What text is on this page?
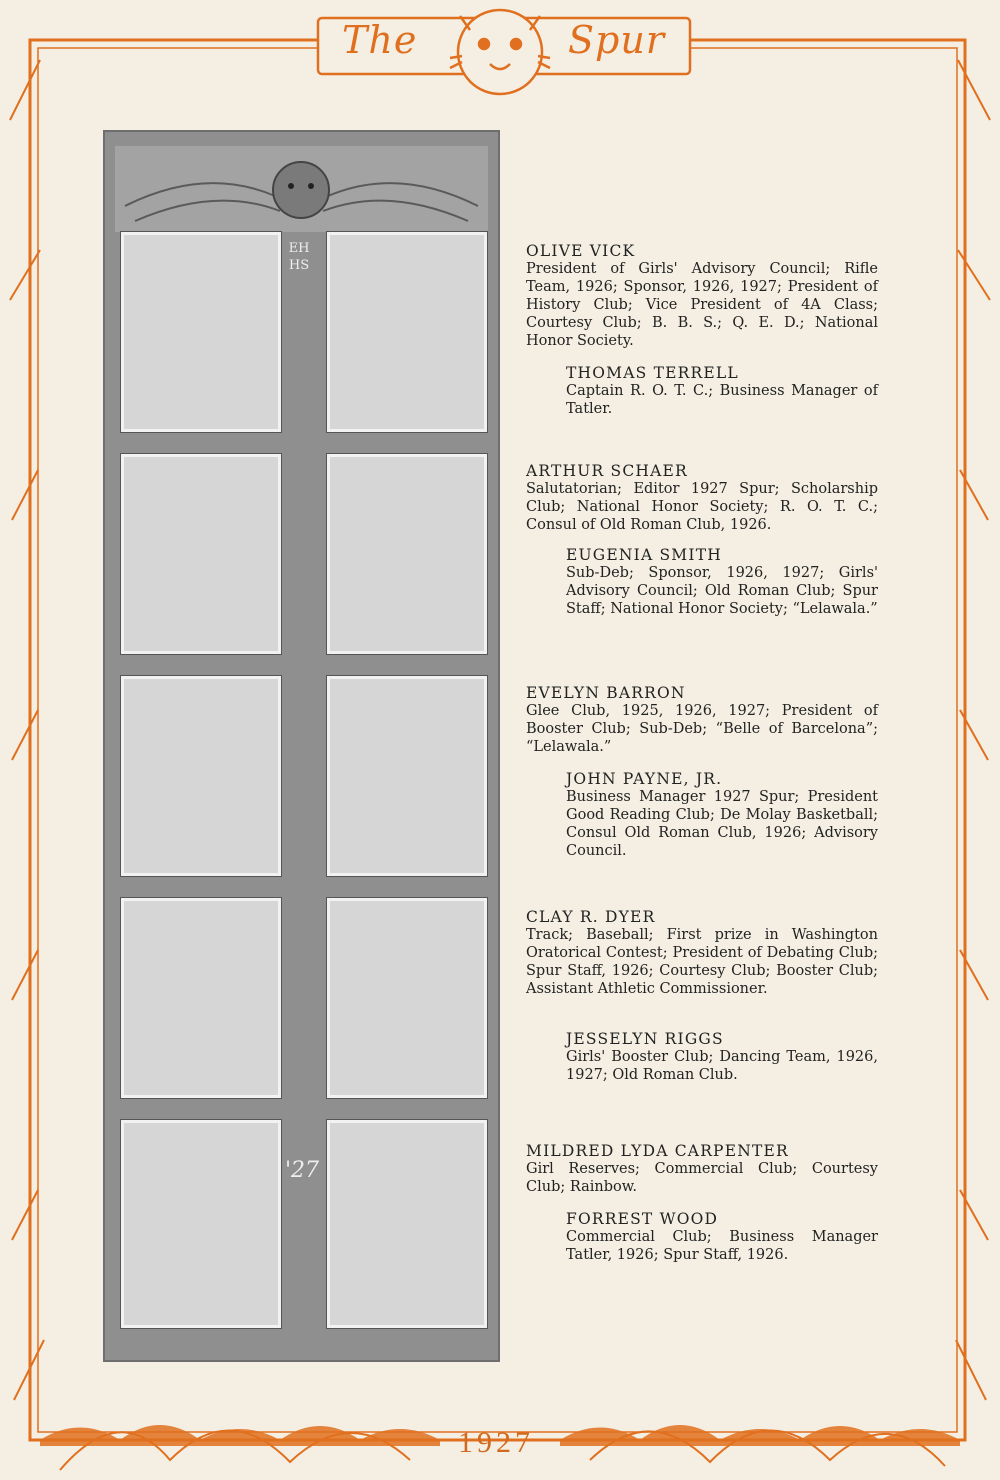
The	Spur
EHHS
'27
OLIVE VICK
President of Girls' Advisory Council; Rifle Team, 1926; Sponsor, 1926, 1927; President of History Club; Vice President of 4A Class; Courtesy Club; B. B. S.; Q. E. D.; National Honor Society.
THOMAS TERRELL
Captain R. O. T. C.; Business Manager of Tatler.
ARTHUR SCHAER
Salutatorian; Editor 1927 Spur; Scholarship Club; National Honor Society; R. O. T. C.; Consul of Old Roman Club, 1926.
EUGENIA SMITH
Sub-Deb; Sponsor, 1926, 1927; Girls' Advisory Council; Old Roman Club; Spur Staff; National Honor Society; “Lelawala.”
EVELYN BARRON
Glee Club, 1925, 1926, 1927; President of Booster Club; Sub-Deb; “Belle of Barcelona”; “Lelawala.”
JOHN PAYNE, JR.
Business Manager 1927 Spur; President Good Reading Club; De Molay Basketball; Consul Old Roman Club, 1926; Advisory Council.
CLAY R. DYER
Track; Baseball; First prize in Washington Oratorical Contest; President of Debating Club; Spur Staff, 1926; Courtesy Club; Booster Club; Assistant Athletic Commissioner.
JESSELYN RIGGS
Girls' Booster Club; Dancing Team, 1926, 1927; Old Roman Club.
MILDRED LYDA CARPENTER
Girl Reserves; Commercial Club; Courtesy Club; Rainbow.
FORREST WOOD
Commercial Club; Business Manager Tatler, 1926; Spur Staff, 1926.
1927
